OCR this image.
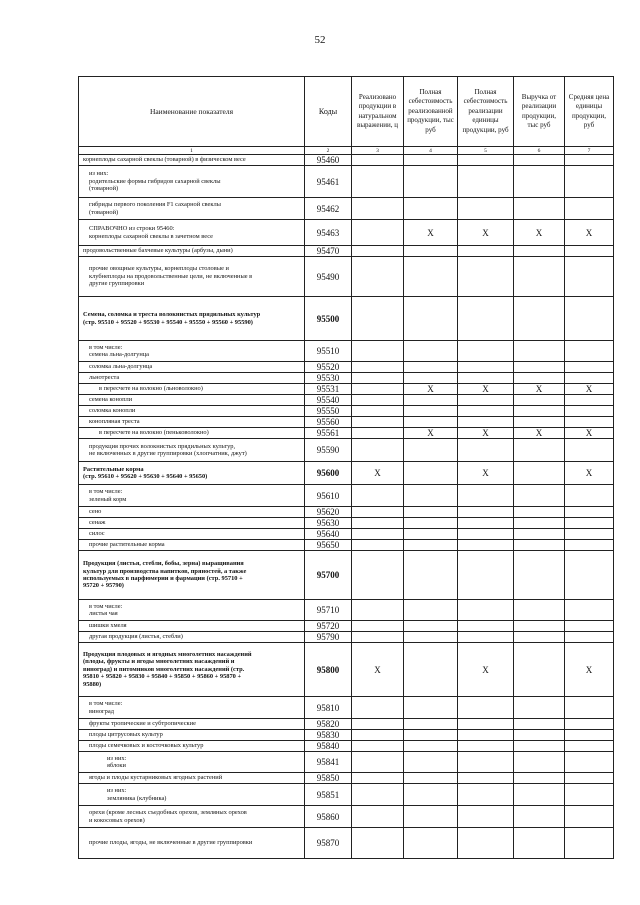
52
Наименование показателя	Коды	Реализовано продукции в натуральном выражении, ц	Полная себестоимость реализованной продукции, тыс руб	Полная себестоимость реализации единицы продукции, руб	Выручка от реализации продукции, тыс руб	Средняя цена единицы продукции, руб
1	2	3	4	5	6	7
корнеплоды сахарной свеклы (товарной) в физическом весе	95460					
из них:
родительские формы гибридов сахарной свеклы
(товарной)	95461					
гибриды первого поколения F1 сахарной свеклы
(товарной)	95462					
СПРАВОЧНО из строки 95460:
корнеплоды сахарной свеклы в зачетном весе	95463		X	X	X	X
продовольственные бахчевые культуры (арбузы, дыни)	95470					
прочие овощные культуры, корнеплоды столовые и
клубнеплоды на продовольственные цели, не включенные в
другие группировки	95490					
Семена, соломка и треста волокнистых прядильных культур
(стр. 95510 + 95520 + 95530 + 95540 + 95550 + 95560 + 95590)	95500					
в том числе:
семена льна-долгунца	95510					
соломка льна-долгунца	95520					
льнотреста	95530					
в пересчете на волокно (льноволокно)	95531		X	X	X	X
семена конопли	95540					
соломка конопли	95550					
конопляная треста	95560					
в пересчете на волокно (пеньковолокно)	95561		X	X	X	X
продукция прочих волокнистых прядильных культур,
не включенных в другие группировки (хлопчатник, джут)	95590					
Растительные корма
(стр. 95610 + 95620 + 95630 + 95640 + 95650)	95600	X		X		X
в том числе:
зеленый корм	95610					
сено	95620					
сенаж	95630					
силос	95640					
прочие растительные корма	95650					
Продукция (листья, стебли, бобы, зерна) выращивания
культур для производства напитков, пряностей, а также
используемых в парфюмерии и фармации (стр. 95710 +
95720 + 95790)	95700					
в том числе:
листья чая	95710					
шишки хмеля	95720					
другая продукция (листья, стебли)	95790					
Продукция плодовых и ягодных многолетних насаждений
(плоды, фрукты и ягоды многолетних насаждений и
виноград) и питомников многолетних насаждений (стр.
95810 + 95820 + 95830 + 95840 + 95850 + 95860 + 95870 +
95880)	95800	X		X		X
в том числе:
виноград	95810					
фрукты тропические и субтропические	95820					
плоды цитрусовых культур	95830					
плоды семечковых и косточковых культур	95840					
из них:
яблоки	95841					
ягоды и плоды кустарниковых ягодных растений	95850					
из них:
земляника (клубника)	95851					
орехи (кроме лесных съедобных орехов, земляных орехов
и кокосовых орехов)	95860					
прочие плоды, ягоды, не включенные в другие группировки	95870					
